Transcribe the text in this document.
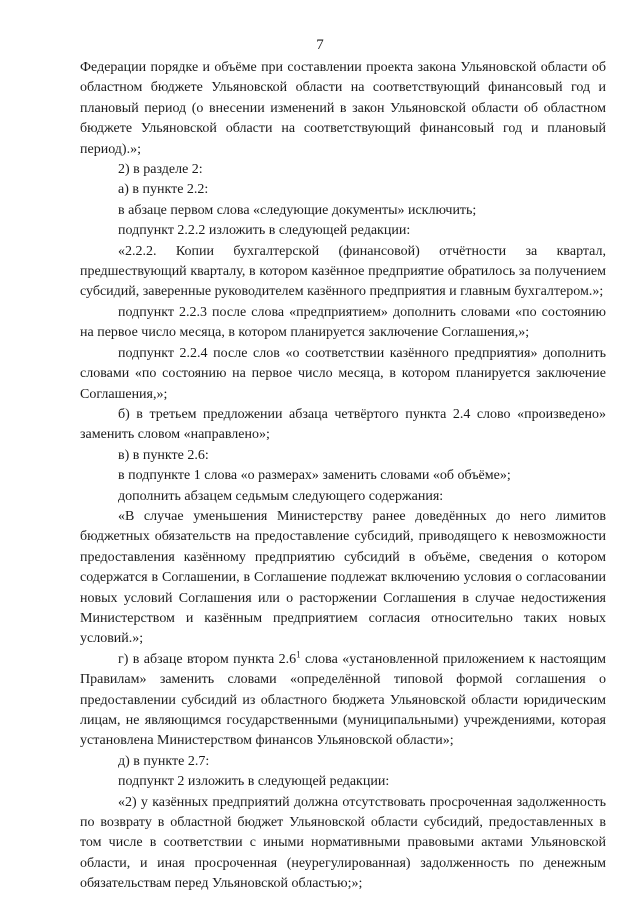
7

Федерации порядке и объёме при составлении проекта закона Ульяновской области об областном бюджете Ульяновской области на соответствующий финансовый год и плановый период (о внесении изменений в закон Ульяновской области об областном бюджете Ульяновской области на соответствующий финансовый год и плановый период).»;

2) в разделе 2:

а) в пункте 2.2:

в абзаце первом слова «следующие документы» исключить;

подпункт 2.2.2 изложить в следующей редакции:

«2.2.2. Копии бухгалтерской (финансовой) отчётности за квартал, предшествующий кварталу, в котором казённое предприятие обратилось за получением субсидий, заверенные руководителем казённого предприятия и главным бухгалтером.»;

подпункт 2.2.3 после слова «предприятием» дополнить словами «по состоянию на первое число месяца, в котором планируется заключение Соглашения,»;

подпункт 2.2.4 после слов «о соответствии казённого предприятия» дополнить словами «по состоянию на первое число месяца, в котором планируется заключение Соглашения,»;

б) в третьем предложении абзаца четвёртого пункта 2.4 слово «произведено» заменить словом «направлено»;

в) в пункте 2.6:

в подпункте 1 слова «о размерах» заменить словами «об объёме»;

дополнить абзацем седьмым следующего содержания:

«В случае уменьшения Министерству ранее доведённых до него лимитов бюджетных обязательств на предоставление субсидий, приводящего к невозможности предоставления казённому предприятию субсидий в объёме, сведения о котором содержатся в Соглашении, в Соглашение подлежат включению условия о согласовании новых условий Соглашения или о расторжении Соглашения в случае недостижения Министерством и казённым предприятием согласия относительно таких новых условий.»;

г) в абзаце втором пункта $2.6^1$ слова «установленной приложением к настоящим Правилам» заменить словами «определённой типовой формой соглашения о предоставлении субсидий из областного бюджета Ульяновской области юридическим лицам, не являющимся государственными (муниципальными) учреждениями, которая установлена Министерством финансов Ульяновской области»;

д) в пункте 2.7:

подпункт 2 изложить в следующей редакции:

«2) у казённых предприятий должна отсутствовать просроченная задолженность по возврату в областной бюджет Ульяновской области субсидий, предоставленных в том числе в соответствии с иными нормативными правовыми актами Ульяновской области, и иная просроченная (неурегулированная) задолженность по денежным обязательствам перед Ульяновской областью;»;
